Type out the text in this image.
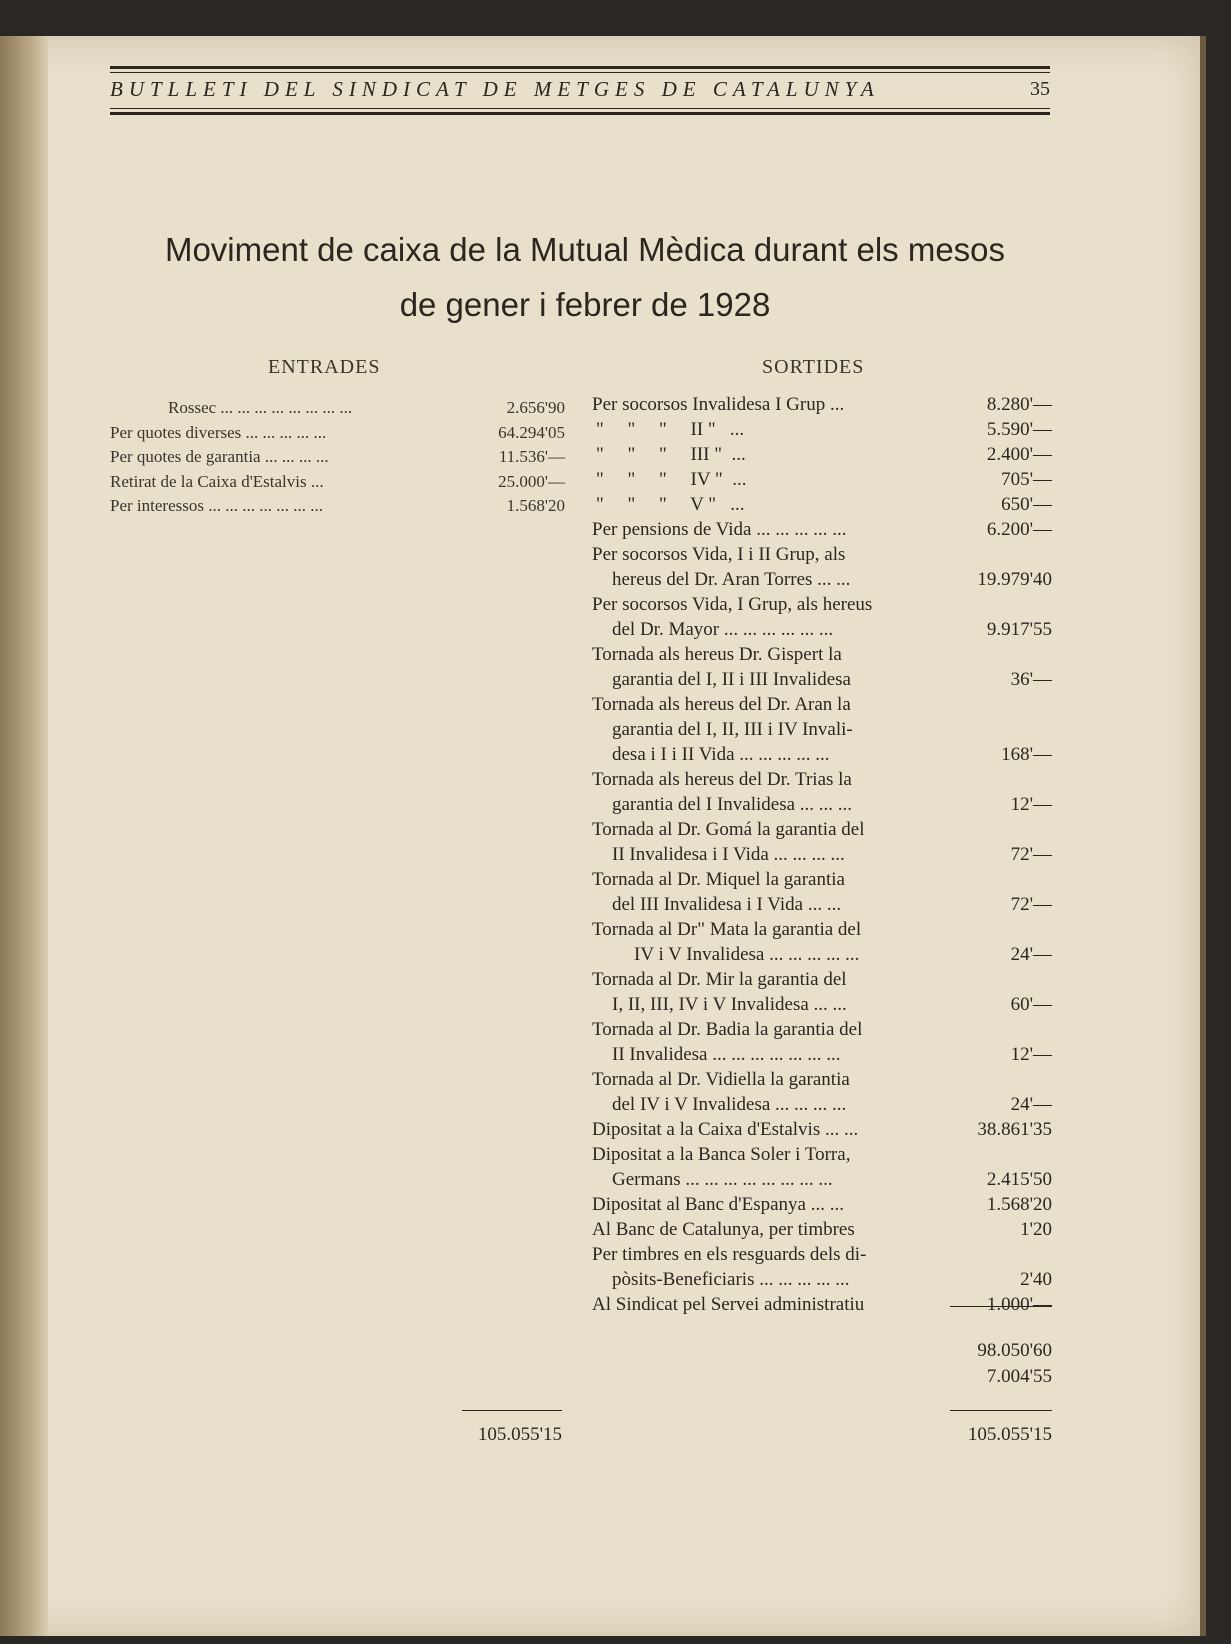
BUTLLETI DEL SINDICAT DE METGES DE CATALUNYA	35
Moviment de caixa de la Mutual Mèdica durant els mesos
de gener i febrer de 1928
ENTRADES	SORTIDES
Rossec ... ... ... ... ... ... ... ...	2.656'90
Per quotes diverses ... ... ... ... ...	64.294'05
Per quotes de garantia ... ... ... ...	11.536'—
Retirat de la Caixa d'Estalvis ...	25.000'—
Per interessos ... ... ... ... ... ... ...	1.568'20
Per socorsos Invalidesa I Grup ...	8.280'—
"     "     "     II "   ...	5.590'—
"     "     "     III "  ...	2.400'—
"     "     "     IV "  ...	705'—
"     "     "     V "   ...	650'—
Per pensions de Vida ... ... ... ... ...	6.200'—
Per socorsos Vida, I i II Grup, als
hereus del Dr. Aran Torres ... ...	19.979'40
Per socorsos Vida, I Grup, als hereus
del Dr. Mayor ... ... ... ... ... ...	9.917'55
Tornada als hereus Dr. Gispert la
garantia del I, II i III Invalidesa	36'—
Tornada als hereus del Dr. Aran la
garantia del I, II, III i IV Invali-
desa i I i II Vida ... ... ... ... ...	168'—
Tornada als hereus del Dr. Trias la
garantia del I Invalidesa ... ... ...	12'—
Tornada al Dr. Gomá la garantia del
II Invalidesa i I Vida ... ... ... ...	72'—
Tornada al Dr. Miquel la garantia
del III Invalidesa i I Vida ... ...	72'—
Tornada al Dr" Mata la garantia del
IV i V Invalidesa ... ... ... ... ...	24'—
Tornada al Dr. Mir la garantia del
I, II, III, IV i V Invalidesa ... ...	60'—
Tornada al Dr. Badia la garantia del
II Invalidesa ... ... ... ... ... ... ...	12'—
Tornada al Dr. Vidiella la garantia
del IV i V Invalidesa ... ... ... ...	24'—
Dipositat a la Caixa d'Estalvis ... ...	38.861'35
Dipositat a la Banca Soler i Torra,
Germans ... ... ... ... ... ... ... ...	2.415'50
Dipositat al Banc d'Espanya ... ...	1.568'20
Al Banc de Catalunya, per timbres	1'20
Per timbres en els resguards dels di-
pòsits-Beneficiaris ... ... ... ... ...	2'40
Al Sindicat pel Servei administratiu	1.000'—
105.055'15
98.050'60
7.004'55
105.055'15
